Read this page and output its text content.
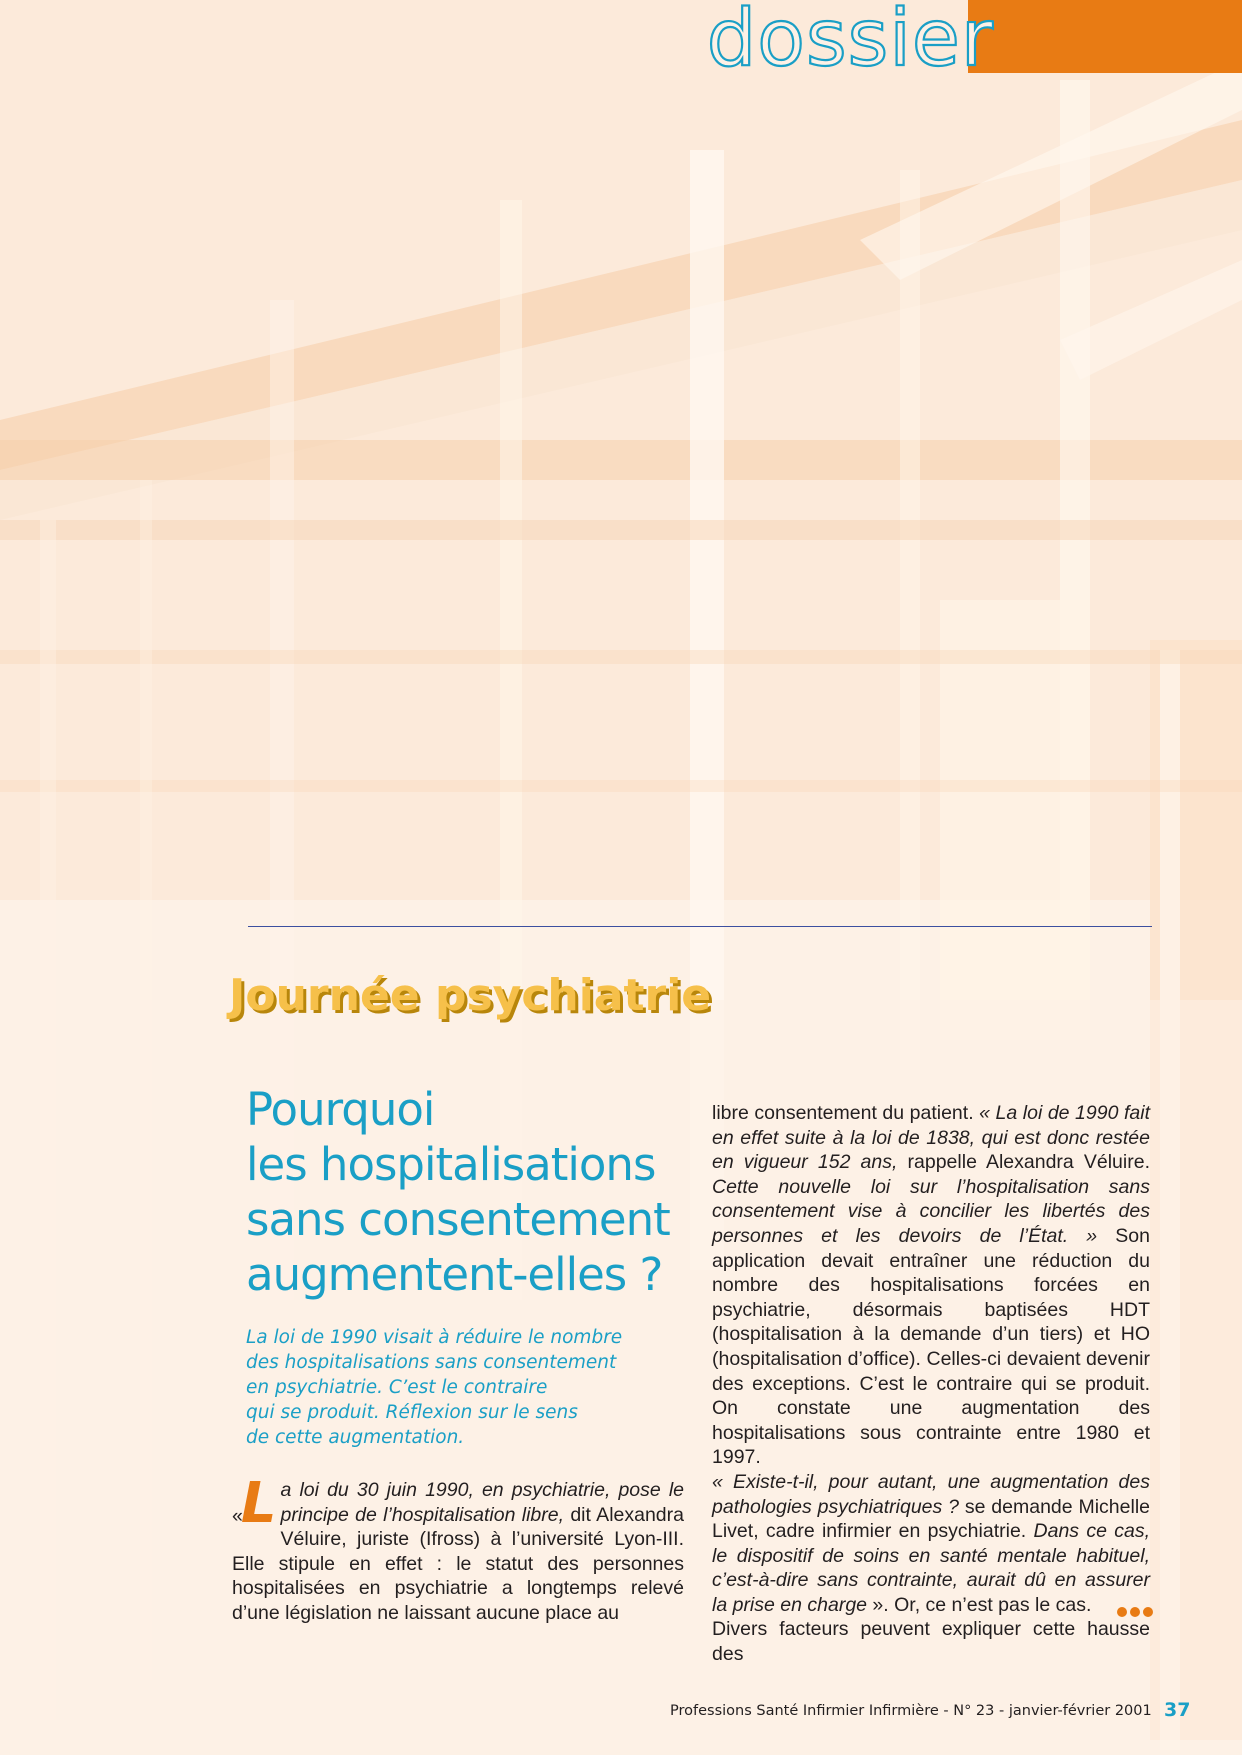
dossier
Journée psychiatrie
Pourquoi
les hospitalisations
sans consentement
augmentent-elles ?
La loi de 1990 visait à réduire le nombre
des hospitalisations sans consentement
en psychiatrie. C’est le contraire
qui se produit. Réflexion sur le sens
de cette augmentation.
«
L a loi du 30 juin 1990, en psychiatrie, pose le principe de l’hospitalisation libre, dit Alexandra Véluire, juriste (Ifross) à l’université Lyon-III. Elle stipule en effet : le statut des personnes hospitalisées en psychiatrie a longtemps relevé d’une législation ne laissant aucune place au
libre consentement du patient. « La loi de 1990 fait en effet suite à la loi de 1838, qui est donc restée en vigueur 152 ans, rappelle Alexandra Véluire. Cette nouvelle loi sur l’hospitalisation sans consentement vise à concilier les libertés des personnes et les devoirs de l’État. » Son application devait entraîner une réduction du nombre des hospitalisations forcées en psychiatrie, désormais baptisées HDT (hospitalisation à la demande d’un tiers) et HO (hospitalisation d’office). Celles-ci devaient devenir des exceptions. C’est le contraire qui se produit. On constate une augmentation des hospitalisations sous contrainte entre 1980 et 1997.
« Existe-t-il, pour autant, une augmentation des pathologies psychiatriques ? se demande Michelle Livet, cadre infirmier en psychiatrie. Dans ce cas, le dispositif de soins en santé mentale habituel, c’est-à-dire sans contrainte, aurait dû en assurer la prise en charge ». Or, ce n’est pas le cas.
Divers facteurs peuvent expliquer cette hausse des
Professions Santé Infirmier Infirmière - N° 23 - janvier-février 2001 37
